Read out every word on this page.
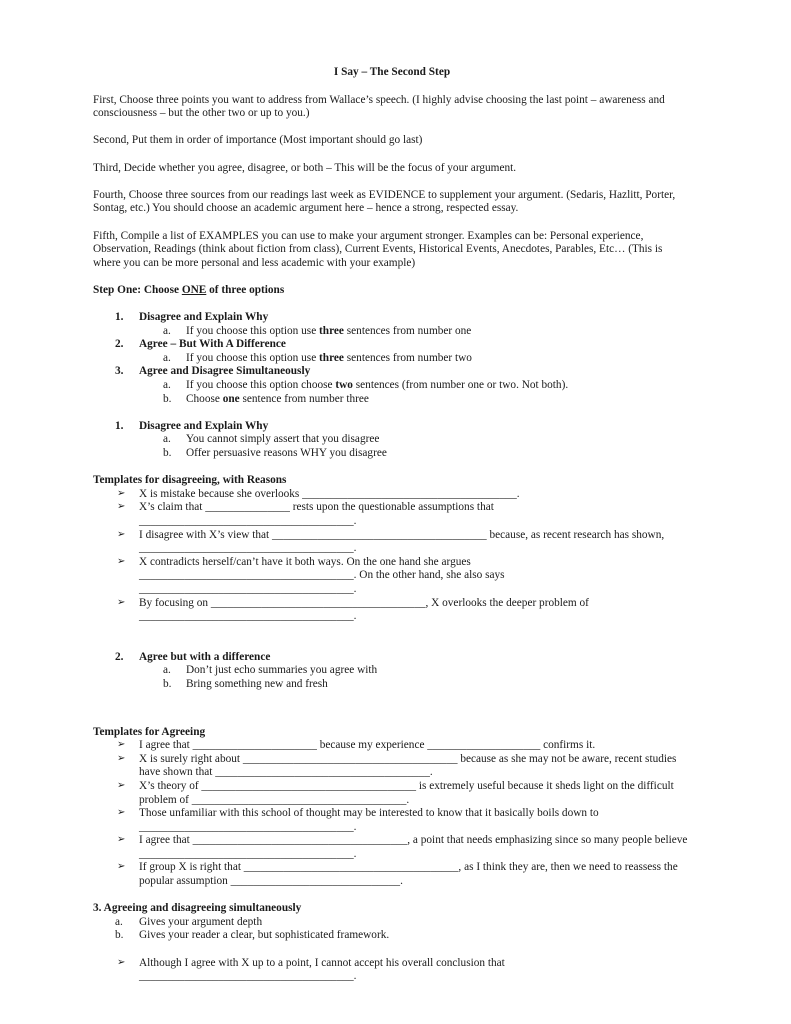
I Say – The Second Step

First, Choose three points you want to address from Wallace’s speech. (I highly advise choosing the last point – awareness and consciousness – but the other two or up to you.)

Second, Put them in order of importance (Most important should go last)

Third, Decide whether you agree, disagree, or both – This will be the focus of your argument.

Fourth, Choose three sources from our readings last week as EVIDENCE to supplement your argument. (Sedaris, Hazlitt, Porter, Sontag, etc.) You should choose an academic argument here – hence a strong, respected essay.

Fifth, Compile a list of EXAMPLES you can use to make your argument stronger. Examples can be: Personal experience, Observation, Readings (think about fiction from class), Current Events, Historical Events, Anecdotes, Parables, Etc… (This is where you can be more personal and less academic with your example)

Step One: Choose ONE of three options
1. Disagree and Explain Why
a. If you choose this option use three sentences from number one
2. Agree – But With A Difference
a. If you choose this option use three sentences from number two
3. Agree and Disagree Simultaneously
a. If you choose this option choose two sentences (from number one or two. Not both).
b. Choose one sentence from number three
1. Disagree and Explain Why
a. You cannot simply assert that you disagree
b. Offer persuasive reasons WHY you disagree
Templates for disagreeing, with Reasons
➢ X is mistake because she overlooks ______________________________________.
➢ X’s claim that _______________ rests upon the questionable assumptions that ______________________________________.
➢ I disagree with X’s view that ______________________________________ because, as recent research has shown, ______________________________________.
➢ X contradicts herself/can’t have it both ways. On the one hand she argues ______________________________________. On the other hand, she also says ______________________________________.
➢ By focusing on ______________________________________, X overlooks the deeper problem of ______________________________________.
2. Agree but with a difference
a. Don’t just echo summaries you agree with
b. Bring something new and fresh
Templates for Agreeing
➢ I agree that ______________________ because my experience ____________________ confirms it.
➢ X is surely right about ______________________________________ because as she may not be aware, recent studies have shown that ______________________________________.
➢ X’s theory of ______________________________________ is extremely useful because it sheds light on the difficult problem of ______________________________________.
➢ Those unfamiliar with this school of thought may be interested to know that it basically boils down to ______________________________________.
➢ I agree that ______________________________________, a point that needs emphasizing since so many people believe ______________________________________.
➢ If group X is right that ______________________________________, as I think they are, then we need to reassess the popular assumption ______________________________.
3. Agreeing and disagreeing simultaneously
a. Gives your argument depth
b. Gives your reader a clear, but sophisticated framework.
➢ Although I agree with X up to a point, I cannot accept his overall conclusion that ______________________________________.
